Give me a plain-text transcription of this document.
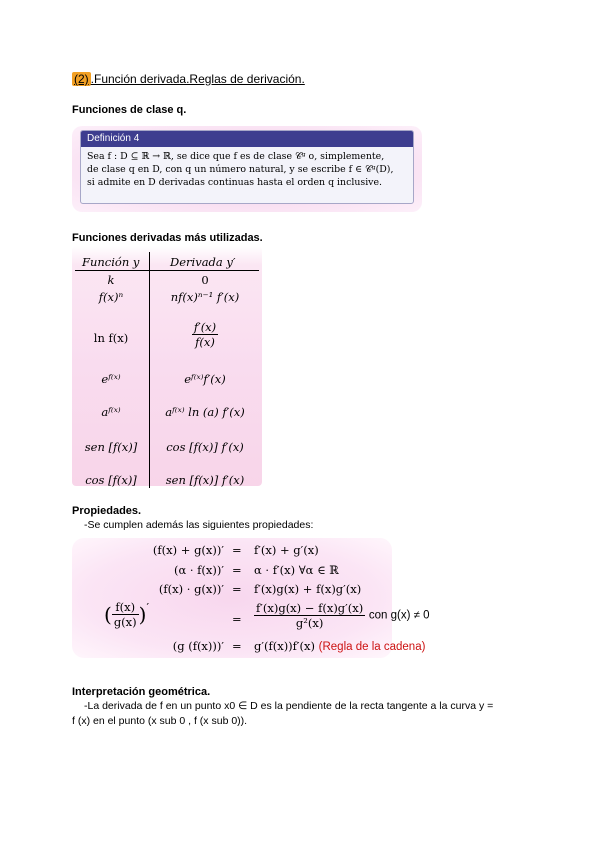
(2) .Función derivada.Reglas de derivación.
Funciones de clase q.
Definición 4
Sea f : D ⊆ ℝ → ℝ, se dice que f es de clase 𝒞ᵍ o, simplemente,
de clase q en D, con q un número natural, y se escribe f ∈ 𝒞ᵍ(D),
si admite en D derivadas continuas hasta el orden q inclusive.
Funciones derivadas más utilizadas.
Función y	Derivada y′
k	0
f(x)ⁿ	nf(x)ⁿ⁻¹ f′(x)
ln f(x)	$\frac{f'(x)}{f(x)}$
eᶠ⁽ˣ⁾	eᶠ⁽ˣ⁾f′(x)
aᶠ⁽ˣ⁾	aᶠ⁽ˣ⁾ ln (a) f′(x)
sen [f(x)]	cos [f(x)] f′(x)
cos [f(x)]	sen [f(x)] f′(x)
Propiedades.
-Se cumplen además las siguientes propiedades:
(f(x) + g(x))′ = f′(x) + g′(x)
(α · f(x))′ = α · f′(x) ∀α ∈ ℝ
(f(x) · g(x))′ = f′(x)g(x) + f(x)g′(x)
( $\frac{f(x)}{g(x)}$ )′
= $\frac{f'(x)g(x) - f(x)g'(x)}{\text{g²(x)}}$ con g(x) ≠ 0
(g (f(x)))′ = g′(f(x))f′(x) (Regla de la cadena)
Interpretación geométrica.
-La derivada de f en un punto x0 ∈ D es la pendiente de la recta tangente a la curva y =
f (x) en el punto (x sub 0 , f (x sub 0)).
